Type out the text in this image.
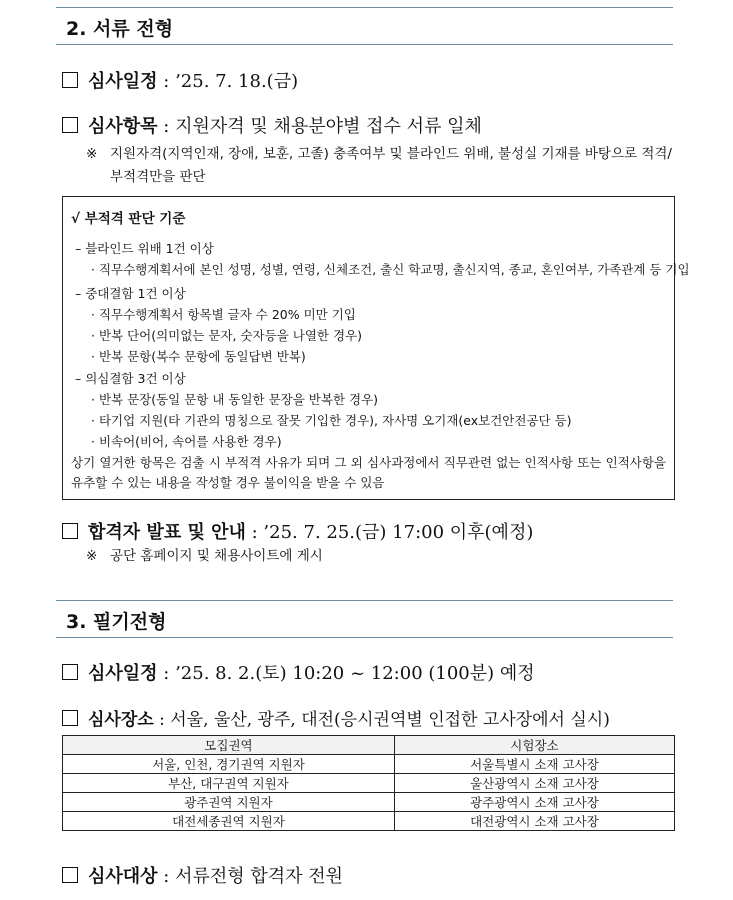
2. 서류 전형
심사일정 : ’25. 7. 18.(금)
심사항목 : 지원자격 및 채용분야별 접수 서류 일체
※ 지원자격(지역인재, 장애, 보훈, 고졸) 충족여부 및 블라인드 위배, 불성실 기재를 바탕으로 적격/부적격만을 판단
√ 부적격 판단 기준
– 블라인드 위배 1건 이상
· 직무수행계획서에 본인 성명, 성별, 연령, 신체조건, 출신 학교명, 출신지역, 종교, 혼인여부, 가족관계 등 기입
– 중대결함 1건 이상
· 직무수행계획서 항목별 글자 수 20% 미만 기입
· 반복 단어(의미없는 문자, 숫자등을 나열한 경우)
· 반복 문항(복수 문항에 동일답변 반복)
– 의심결함 3건 이상
· 반복 문장(동일 문항 내 동일한 문장을 반복한 경우)
· 타기업 지원(타 기관의 명칭으로 잘못 기입한 경우), 자사명 오기재(ex보건안전공단 등)
· 비속어(비어, 속어를 사용한 경우)
상기 열거한 항목은 검출 시 부적격 사유가 되며 그 외 심사과정에서 직무관련 없는 인적사항 또는 인적사항을 유추할 수 있는 내용을 작성할 경우 불이익을 받을 수 있음
합격자 발표 및 안내 : ’25. 7. 25.(금) 17:00 이후(예정)
※ 공단 홈페이지 및 채용사이트에 게시
3. 필기전형
심사일정 : ’25. 8. 2.(토) 10:20 ~ 12:00 (100분) 예정
심사장소 : 서울, 울산, 광주, 대전(응시권역별 인접한 고사장에서 실시)
모집권역	시험장소
서울, 인천, 경기권역 지원자	서울특별시 소재 고사장
부산, 대구권역 지원자	울산광역시 소재 고사장
광주권역 지원자	광주광역시 소재 고사장
대전세종권역 지원자	대전광역시 소재 고사장
심사대상 : 서류전형 합격자 전원
